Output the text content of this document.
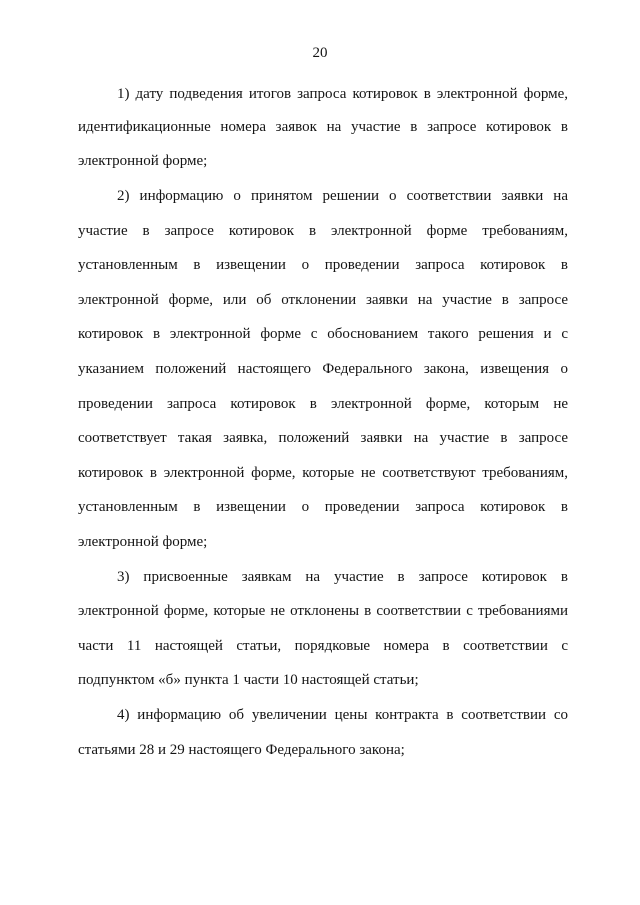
20
1) дату подведения итогов запроса котировок в электронной форме,
идентификационные номера заявок на участие в запросе котировок в
электронной форме;
2) информацию о принятом решении о соответствии заявки на
участие в запросе котировок в электронной форме требованиям,
установленным в извещении о проведении запроса котировок в
электронной форме, или об отклонении заявки на участие в запросе
котировок в электронной форме с обоснованием такого решения и с
указанием положений настоящего Федерального закона, извещения о
проведении запроса котировок в электронной форме, которым не
соответствует такая заявка, положений заявки на участие в запросе
котировок в электронной форме, которые не соответствуют требованиям,
установленным в извещении о проведении запроса котировок в
электронной форме;
3) присвоенные заявкам на участие в запросе котировок в
электронной форме, которые не отклонены в соответствии с требованиями
части 11 настоящей статьи, порядковые номера в соответствии с
подпунктом «б» пункта 1 части 10 настоящей статьи;
4) информацию об увеличении цены контракта в соответствии со
статьями 28 и 29 настоящего Федерального закона;
